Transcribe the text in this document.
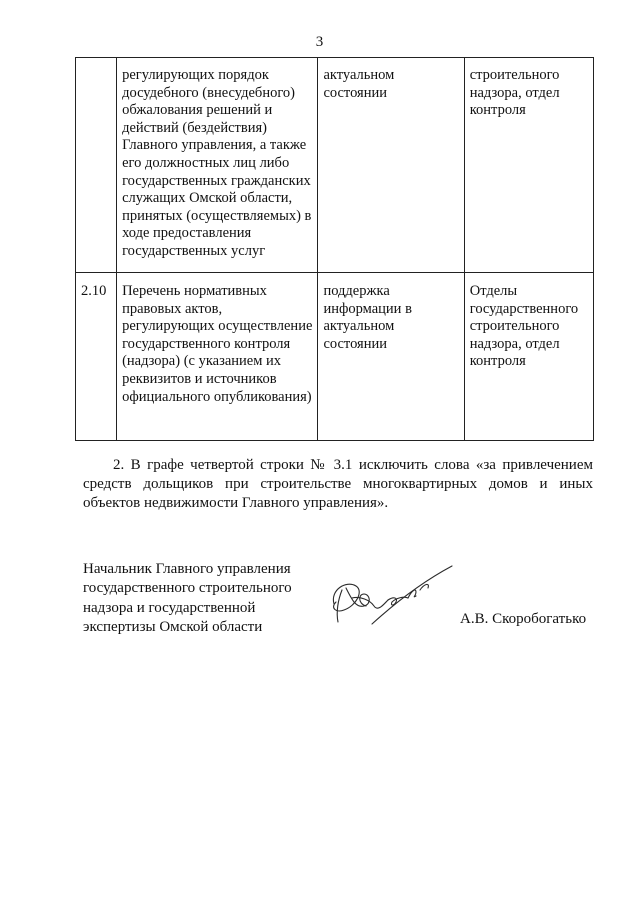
3
	регулирующих порядок досудебного (внесудебного) обжалования решений и действий (бездействия) Главного управления, а также его должностных лиц либо государственных гражданских служащих Омской области, принятых (осуществляемых) в ходе предоставления государственных услуг	актуальном состоянии	строительного надзора, отдел контроля
2.10	Перечень нормативных правовых актов, регулирующих осуществление государственного контроля (надзора) (с указанием их реквизитов и источников официального опубликования)	поддержка информации в актуальном состоянии	Отделы государственного строительного надзора, отдел контроля
2. В графе четвертой строки № 3.1 исключить слова «за привлечением средств дольщиков при строительстве многоквартирных домов и иных объектов недвижимости Главного управления».
Начальник Главного управления
государственного строительного
надзора и государственной
экспертизы Омской области	А.В. Скоробогатько
